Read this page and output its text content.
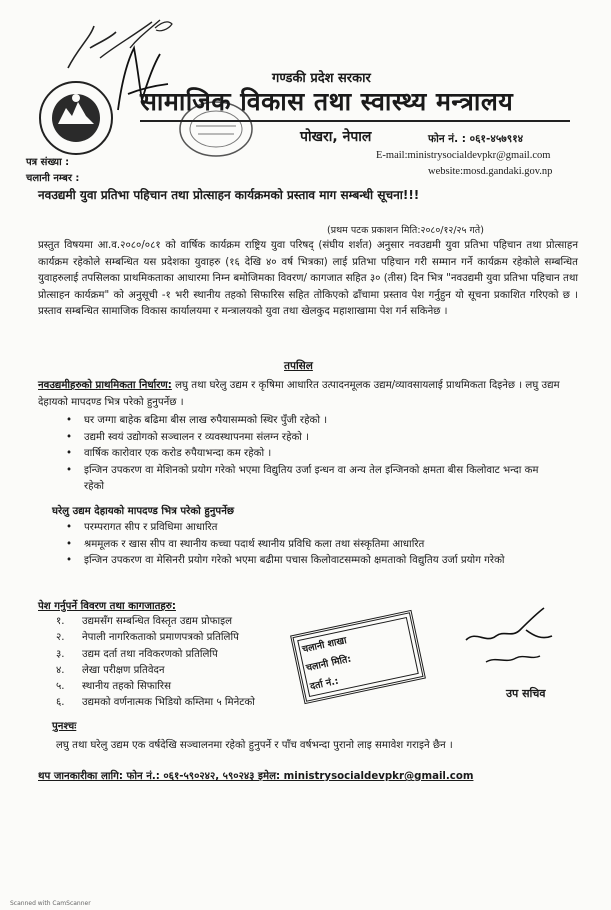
गण्डकी प्रदेश सरकार
सामाजिक विकास तथा स्वास्थ्य मन्त्रालय
पोखरा, नेपाल	फोन नं. : ०६१-४५७९१४
E-mail:ministrysocialdevpkr@gmail.com
website:mosd.gandaki.gov.np
पत्र संख्या :
चलानी नम्बर :
नवउद्यमी युवा प्रतिभा पहिचान तथा प्रोत्साहन कार्यक्रमको प्रस्ताव माग सम्बन्धी सूचना!!!
(प्रथम पटक प्रकाशन मिति:२०८०/१२/२५ गते)
प्रस्तुत विषयमा आ.व.२०८०/०८१ को वार्षिक कार्यक्रम राष्ट्रिय युवा परिषद् (संघीय शर्शत) अनुसार नवउद्यमी युवा प्रतिभा पहिचान तथा प्रोत्साहन कार्यक्रम रहेकोले सम्बन्धित यस प्रदेशका युवाहरु (१६ देखि ४० वर्ष भित्रका) लाई प्रतिभा पहिचान गरी सम्मान गर्ने कार्यक्रम रहेकोले सम्बन्धित युवाहरुलाई तपसिलका प्राथमिकताका आधारमा निम्न बमोजिमका विवरण/ कागजात सहित ३० (तीस) दिन भित्र "नवउद्यमी युवा प्रतिभा पहिचान तथा प्रोत्साहन कार्यक्रम" को अनुसूची -१ भरी स्थानीय तहको सिफारिस सहित तोकिएको ढाँचामा प्रस्ताव पेश गर्नुहुन यो सूचना प्रकाशित गरिएको छ । प्रस्ताव सम्बन्धित सामाजिक विकास कार्यालयमा र मन्त्रालयको युवा तथा खेलकुद महाशाखामा पेश गर्न सकिनेछ ।
तपसिल
नवउद्यमीहरुको प्राथमिकता निर्धारण: लघु तथा घरेलु उद्यम र कृषिमा आधारित उत्पादनमूलक उद्यम/व्यावसायलाई प्राथमिकता दिइनेछ । लघु उद्यम देहायको मापदण्ड भित्र परेको हुनुपर्नेछ ।
• घर जग्गा बाहेक बढिमा बीस लाख रुपैयासम्मको स्थिर पुँजी रहेको ।
• उद्यमी स्वयं उद्योगको सञ्चालन र व्यवस्थापनमा संलग्न रहेको ।
• वार्षिक कारोवार एक करोड रुपैयाभन्दा कम रहेको ।
• इन्जिन उपकरण वा मेशिनको प्रयोग गरेको भएमा विद्युतिय उर्जा इन्धन वा अन्य तेल इन्जिनको क्षमता बीस किलोवाट भन्दा कम रहेको
घरेलु उद्यम देहायको मापदण्ड भित्र परेको हुनुपर्नेछ
• परम्परागत सीप र प्रविधिमा आधारित
• श्रममूलक र खास सीप वा स्थानीय कच्चा पदार्थ स्थानीय प्रविधि कला तथा संस्कृतिमा आधारित
• इन्जिन उपकरण वा मेसिनरी प्रयोग गरेको भएमा बढीमा पचास किलोवाटसम्मको क्षमताको विद्युतिय उर्जा प्रयोग गरेको
पेश गर्नुपर्ने विवरण तथा कागजातहरु:
१. उद्यमसँग सम्बन्धित विस्तृत उद्यम प्रोफाइल
२. नेपाली नागरिकताको प्रमाणपत्रको प्रतिलिपि
३. उद्यम दर्ता तथा नविकरणको प्रतिलिपि
४. लेखा परीक्षण प्रतिवेदन
५. स्थानीय तहको सिफारिस
६. उद्यमको वर्णनात्मक भिडियो कम्तिमा ५ मिनेटको
चलानी शाखा
चलानी मिति:
दर्ता नं.:
उप सचिव
पुनश्चः
लघु तथा घरेलु उद्यम एक वर्षदेखि सञ्चालनमा रहेको हुनुपर्ने र पाँच वर्षभन्दा पुरानो लाइ समावेश गराइने छैन ।
थप जानकारीका लागि: फोन नं.: ०६१-५९०२४२, ५९०२४३ इमेल: ministrysocialdevpkr@gmail.com
Scanned with CamScanner
